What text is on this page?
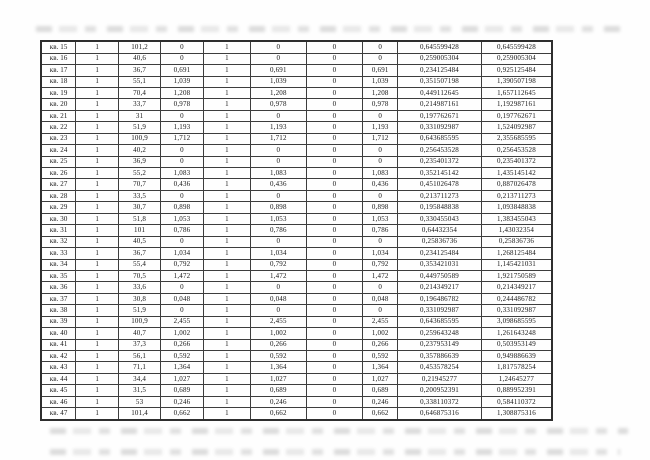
кв. 15	1	101,2	0	1	0	0	0	0,645599428	0,645599428
кв. 16	1	40,6	0	1	0	0	0	0,259005304	0,259005304
кв. 17	1	36,7	0,691	1	0,691	0	0,691	0,234125484	0,925125484
кв. 18	1	55,1	1,039	1	1,039	0	1,039	0,351507198	1,390507198
кв. 19	1	70,4	1,208	1	1,208	0	1,208	0,449112645	1,657112645
кв. 20	1	33,7	0,978	1	0,978	0	0,978	0,214987161	1,192987161
кв. 21	1	31	0	1	0	0	0	0,197762671	0,197762671
кв. 22	1	51,9	1,193	1	1,193	0	1,193	0,331092987	1,524092987
кв. 23	1	100,9	1,712	1	1,712	0	1,712	0,643685595	2,355685595
кв. 24	1	40,2	0	1	0	0	0	0,256453528	0,256453528
кв. 25	1	36,9	0	1	0	0	0	0,235401372	0,235401372
кв. 26	1	55,2	1,083	1	1,083	0	1,083	0,352145142	1,435145142
кв. 27	1	70,7	0,436	1	0,436	0	0,436	0,451026478	0,887026478
кв. 28	1	33,5	0	1	0	0	0	0,213711273	0,213711273
кв. 29	1	30,7	0,898	1	0,898	0	0,898	0,195848838	1,093848838
кв. 30	1	51,8	1,053	1	1,053	0	1,053	0,330455043	1,383455043
кв. 31	1	101	0,786	1	0,786	0	0,786	0,64432354	1,43032354
кв. 32	1	40,5	0	1	0	0	0	0,25836736	0,25836736
кв. 33	1	36,7	1,034	1	1,034	0	1,034	0,234125484	1,268125484
кв. 34	1	55,4	0,792	1	0,792	0	0,792	0,353421031	1,145421031
кв. 35	1	70,5	1,472	1	1,472	0	1,472	0,449750589	1,921750589
кв. 36	1	33,6	0	1	0	0	0	0,214349217	0,214349217
кв. 37	1	30,8	0,048	1	0,048	0	0,048	0,196486782	0,244486782
кв. 38	1	51,9	0	1	0	0	0	0,331092987	0,331092987
кв. 39	1	100,9	2,455	1	2,455	0	2,455	0,643685595	3,098685595
кв. 40	1	40,7	1,002	1	1,002	0	1,002	0,259643248	1,261643248
кв. 41	1	37,3	0,266	1	0,266	0	0,266	0,237953149	0,503953149
кв. 42	1	56,1	0,592	1	0,592	0	0,592	0,357886639	0,949886639
кв. 43	1	71,1	1,364	1	1,364	0	1,364	0,453578254	1,817578254
кв. 44	1	34,4	1,027	1	1,027	0	1,027	0,21945277	1,24645277
кв. 45	1	31,5	0,689	1	0,689	0	0,689	0,200952391	0,889952391
кв. 46	1	53	0,246	1	0,246	0	0,246	0,338110372	0,584110372
кв. 47	1	101,4	0,662	1	0,662	0	0,662	0,646875316	1,308875316
